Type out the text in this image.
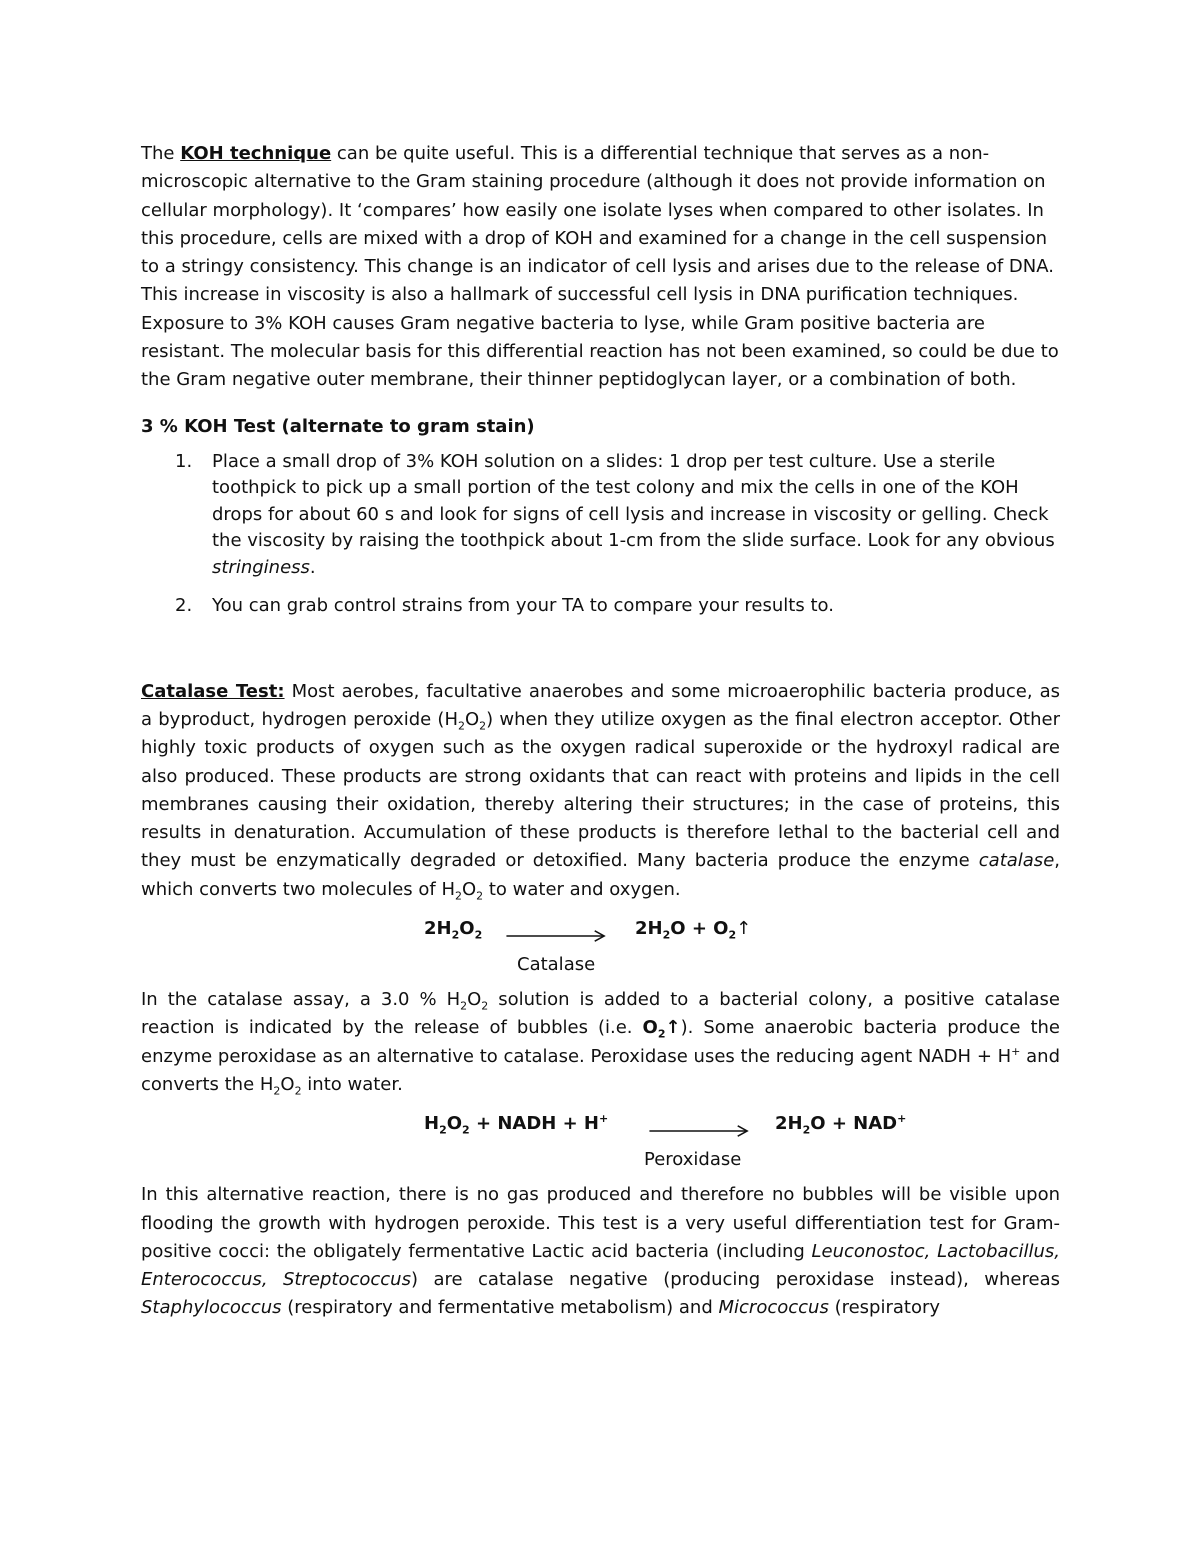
The KOH technique can be quite useful. This is a differential technique that serves as a non-microscopic alternative to the Gram staining procedure (although it does not provide information on cellular morphology). It ‘compares’ how easily one isolate lyses when compared to other isolates. In this procedure, cells are mixed with a drop of KOH and examined for a change in the cell suspension to a stringy consistency. This change is an indicator of cell lysis and arises due to the release of DNA. This increase in viscosity is also a hallmark of successful cell lysis in DNA purification techniques. Exposure to 3% KOH causes Gram negative bacteria to lyse, while Gram positive bacteria are resistant. The molecular basis for this differential reaction has not been examined, so could be due to the Gram negative outer membrane, their thinner peptidoglycan layer, or a combination of both.

3 % KOH Test (alternate to gram stain)

1. Place a small drop of 3% KOH solution on a slides: 1 drop per test culture. Use a sterile toothpick to pick up a small portion of the test colony and mix the cells in one of the KOH drops for about 60 s and look for signs of cell lysis and increase in viscosity or gelling. Check the viscosity by raising the toothpick about 1-cm from the slide surface. Look for any obvious stringiness.
2. You can grab control strains from your TA to compare your results to.

Catalase Test: Most aerobes, facultative anaerobes and some microaerophilic bacteria produce, as a byproduct, hydrogen peroxide $(H_2O_2)$ when they utilize oxygen as the final electron acceptor. Other highly toxic products of oxygen such as the oxygen radical superoxide or the hydroxyl radical are also produced. These products are strong oxidants that can react with proteins and lipids in the cell membranes causing their oxidation, thereby altering their structures; in the case of proteins, this results in denaturation. Accumulation of these products is therefore lethal to the bacterial cell and they must be enzymatically degraded or detoxified. Many bacteria produce the enzyme catalase, which converts two molecules of $H_2O_2$ to water and oxygen.

$2H_2O_2$	$2H_2O$ + $O_2↑$
Catalase

In the catalase assay, a 3.0 % $H_2O_2$ solution is added to a bacterial colony, a positive catalase reaction is indicated by the release of bubbles (i.e. $O_2↑$). Some anaerobic bacteria produce the enzyme peroxidase as an alternative to catalase. Peroxidase uses the reducing agent NADH + H+ and converts the $H_2O_2$ into water.

$H_2O_2$ + NADH + H+	$2H_2O + NAD^+$
Peroxidase

In this alternative reaction, there is no gas produced and therefore no bubbles will be visible upon flooding the growth with hydrogen peroxide. This test is a very useful differentiation test for Gram-positive cocci: the obligately fermentative Lactic acid bacteria (including Leuconostoc, Lactobacillus, Enterococcus, Streptococcus) are catalase negative (producing peroxidase instead), whereas Staphylococcus (respiratory and fermentative metabolism) and Micrococcus (respiratory
